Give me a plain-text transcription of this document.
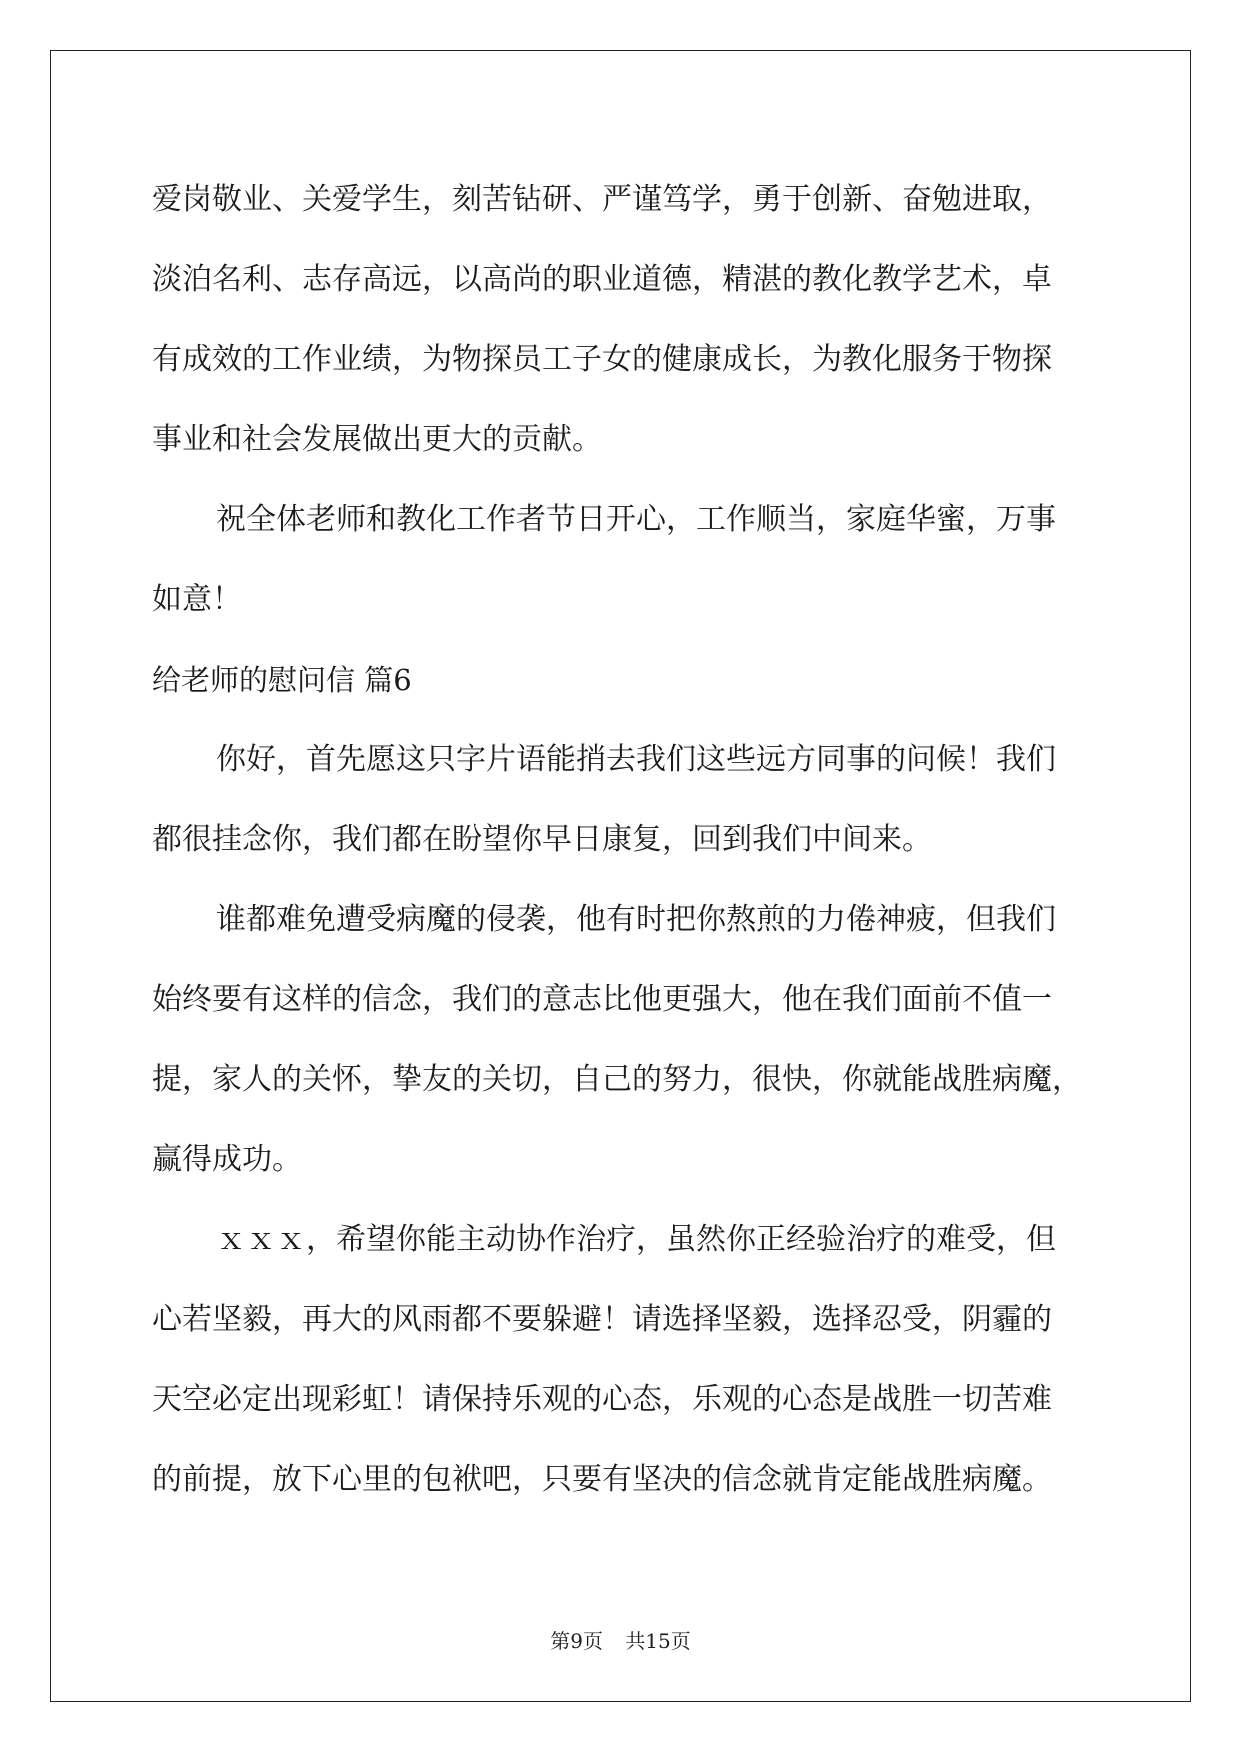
爱岗敬业、关爱学生，刻苦钻研、严谨笃学，勇于创新、奋勉进取，
淡泊名利、志存高远，以高尚的职业道德，精湛的教化教学艺术，卓
有成效的工作业绩，为物探员工子女的健康成长，为教化服务于物探
事业和社会发展做出更大的贡献。
祝全体老师和教化工作者节日开心，工作顺当，家庭华蜜，万事
如意！
给老师的慰问信 篇6
你好，首先愿这只字片语能捎去我们这些远方同事的问候！我们
都很挂念你，我们都在盼望你早日康复，回到我们中间来。
谁都难免遭受病魔的侵袭，他有时把你熬煎的力倦神疲，但我们
始终要有这样的信念，我们的意志比他更强大，他在我们面前不值一
提，家人的关怀，挚友的关切，自己的努力，很快，你就能战胜病魔，
赢得成功。
ｘｘｘ，希望你能主动协作治疗，虽然你正经验治疗的难受，但
心若坚毅，再大的风雨都不要躲避！请选择坚毅，选择忍受，阴霾的
天空必定出现彩虹！请保持乐观的心态，乐观的心态是战胜一切苦难
的前提，放下心里的包袱吧，只要有坚决的信念就肯定能战胜病魔。
第9页 共15页
